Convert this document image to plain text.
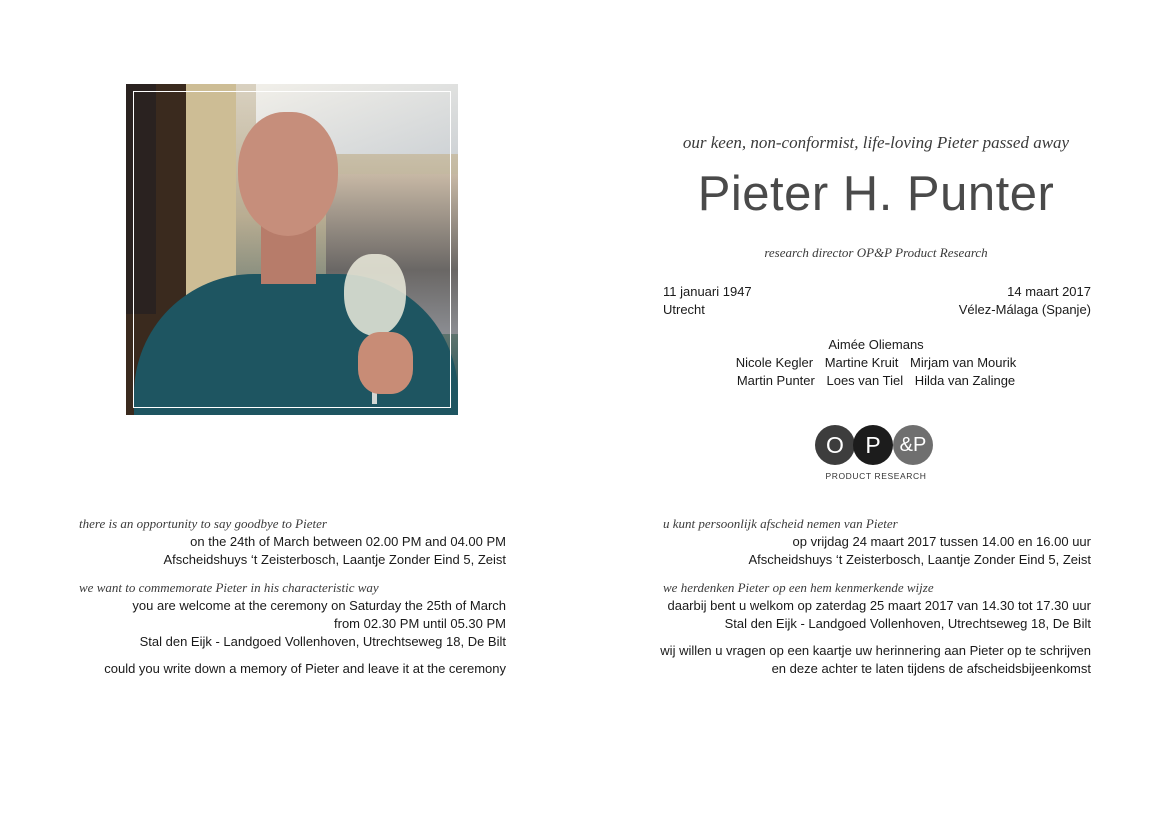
our keen, non-conformist, life-loving Pieter passed away
Pieter H. Punter
research director OP&P Product Research
11 januari 1947
Utrecht
14 maart 2017
Vélez-Málaga (Spanje)
Aimée Oliemans
Nicole Kegler Martine Kruit Mirjam van Mourik
Martin Punter Loes van Tiel Hilda van Zalinge
O P &P
PRODUCT RESEARCH
there is an opportunity to say goodbye to Pieter
on the 24th of March between 02.00 PM and 04.00 PM
Afscheidshuys ‘t Zeisterbosch, Laantje Zonder Eind 5, Zeist
we want to commemorate Pieter in his characteristic way
you are welcome at the ceremony on Saturday the 25th of March
from 02.30 PM until 05.30 PM
Stal den Eijk - Landgoed Vollenhoven, Utrechtseweg 18, De Bilt
could you write down a memory of Pieter and leave it at the ceremony
u kunt persoonlijk afscheid nemen van Pieter
op vrijdag 24 maart 2017 tussen 14.00 en 16.00 uur
Afscheidshuys ‘t Zeisterbosch, Laantje Zonder Eind 5, Zeist
we herdenken Pieter op een hem kenmerkende wijze
daarbij bent u welkom op zaterdag 25 maart 2017 van 14.30 tot 17.30 uur
Stal den Eijk - Landgoed Vollenhoven, Utrechtseweg 18, De Bilt
wij willen u vragen op een kaartje uw herinnering aan Pieter op te schrijven
en deze achter te laten tijdens de afscheidsbijeenkomst
